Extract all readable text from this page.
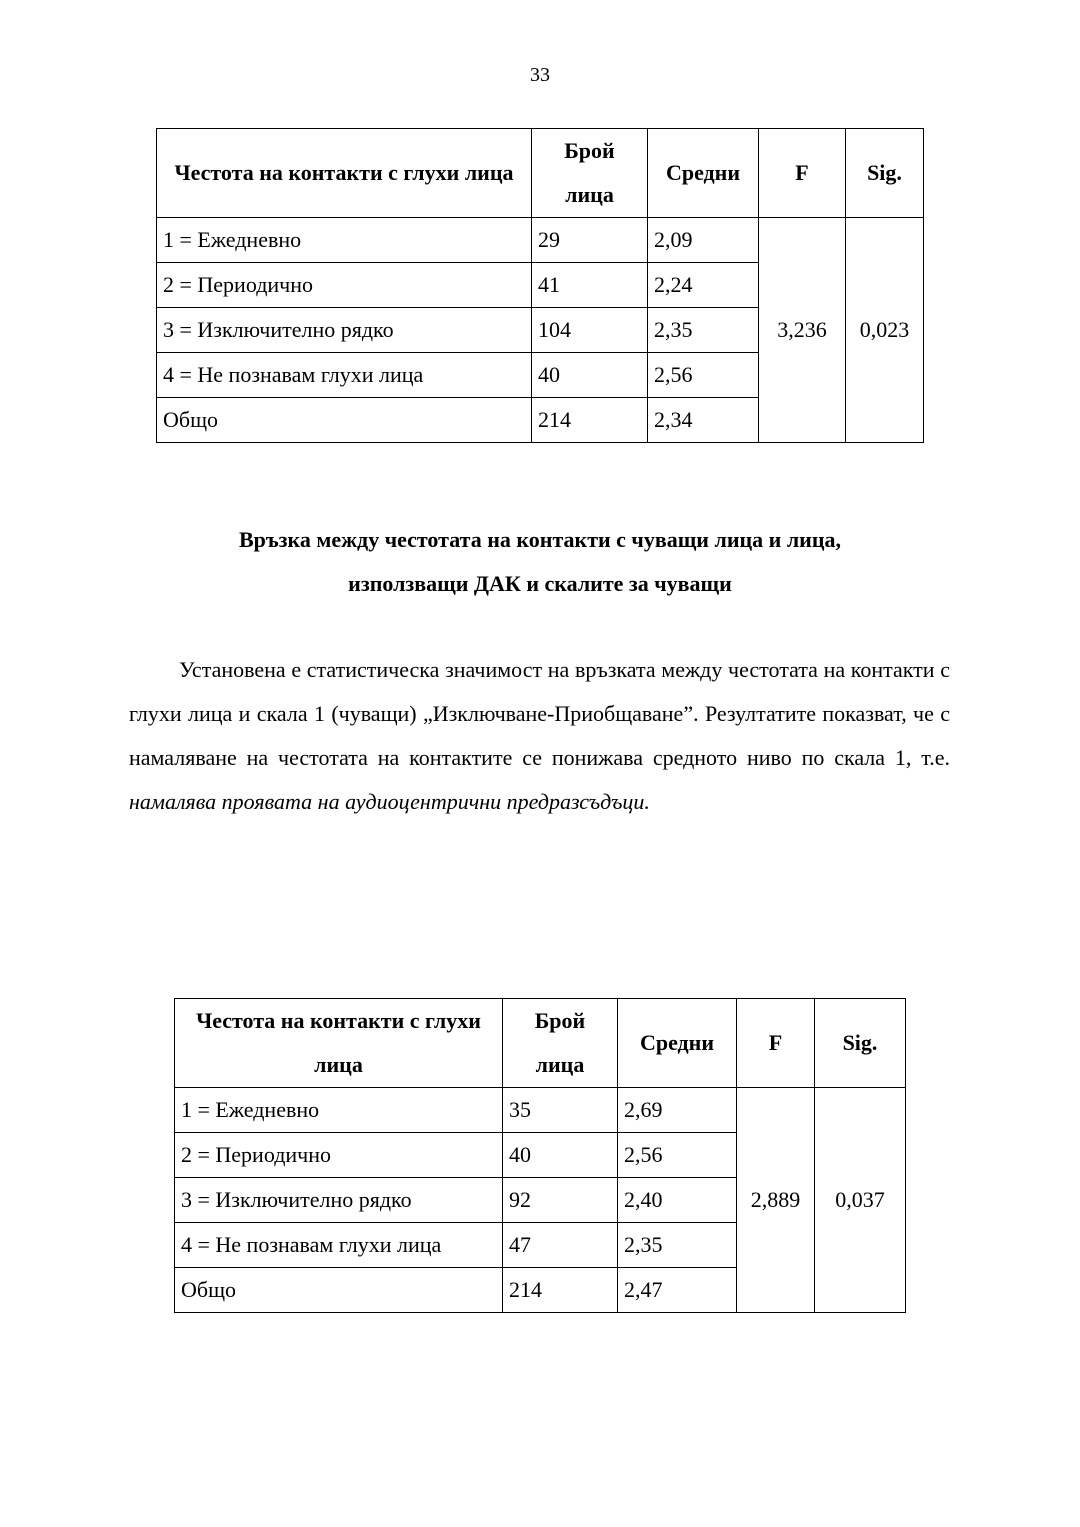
33
Честота на контакти с глухи лица	Брой лица	Средни	F	Sig.
1 = Ежедневно	29	2,09	3,236	0,023
2 = Периодично	41	2,24		
3 = Изключително рядко	104	2,35		
4 = Не познавам глухи лица	40	2,56		
Общо	214	2,34		
Връзка между честотата на контакти с чуващи лица и лица,
използващи ДАК и скалите за чуващи

Установена е статистическа значимост на връзката между честотата на контакти с глухи лица и скала 1 (чуващи) „Изключване-Приобщаване”. Резултатите показват, че с намаляване на честотата на контактите се понижава средното ниво по скала 1, т.е. намалява проявата на аудиоцентрични предразсъдъци.

Честота на контакти с глухи лица	Брой лица	Средни	F	Sig.
1 = Ежедневно	35	2,69	2,889	0,037
2 = Периодично	40	2,56		
3 = Изключително рядко	92	2,40		
4 = Не познавам глухи лица	47	2,35		
Общо	214	2,47		
